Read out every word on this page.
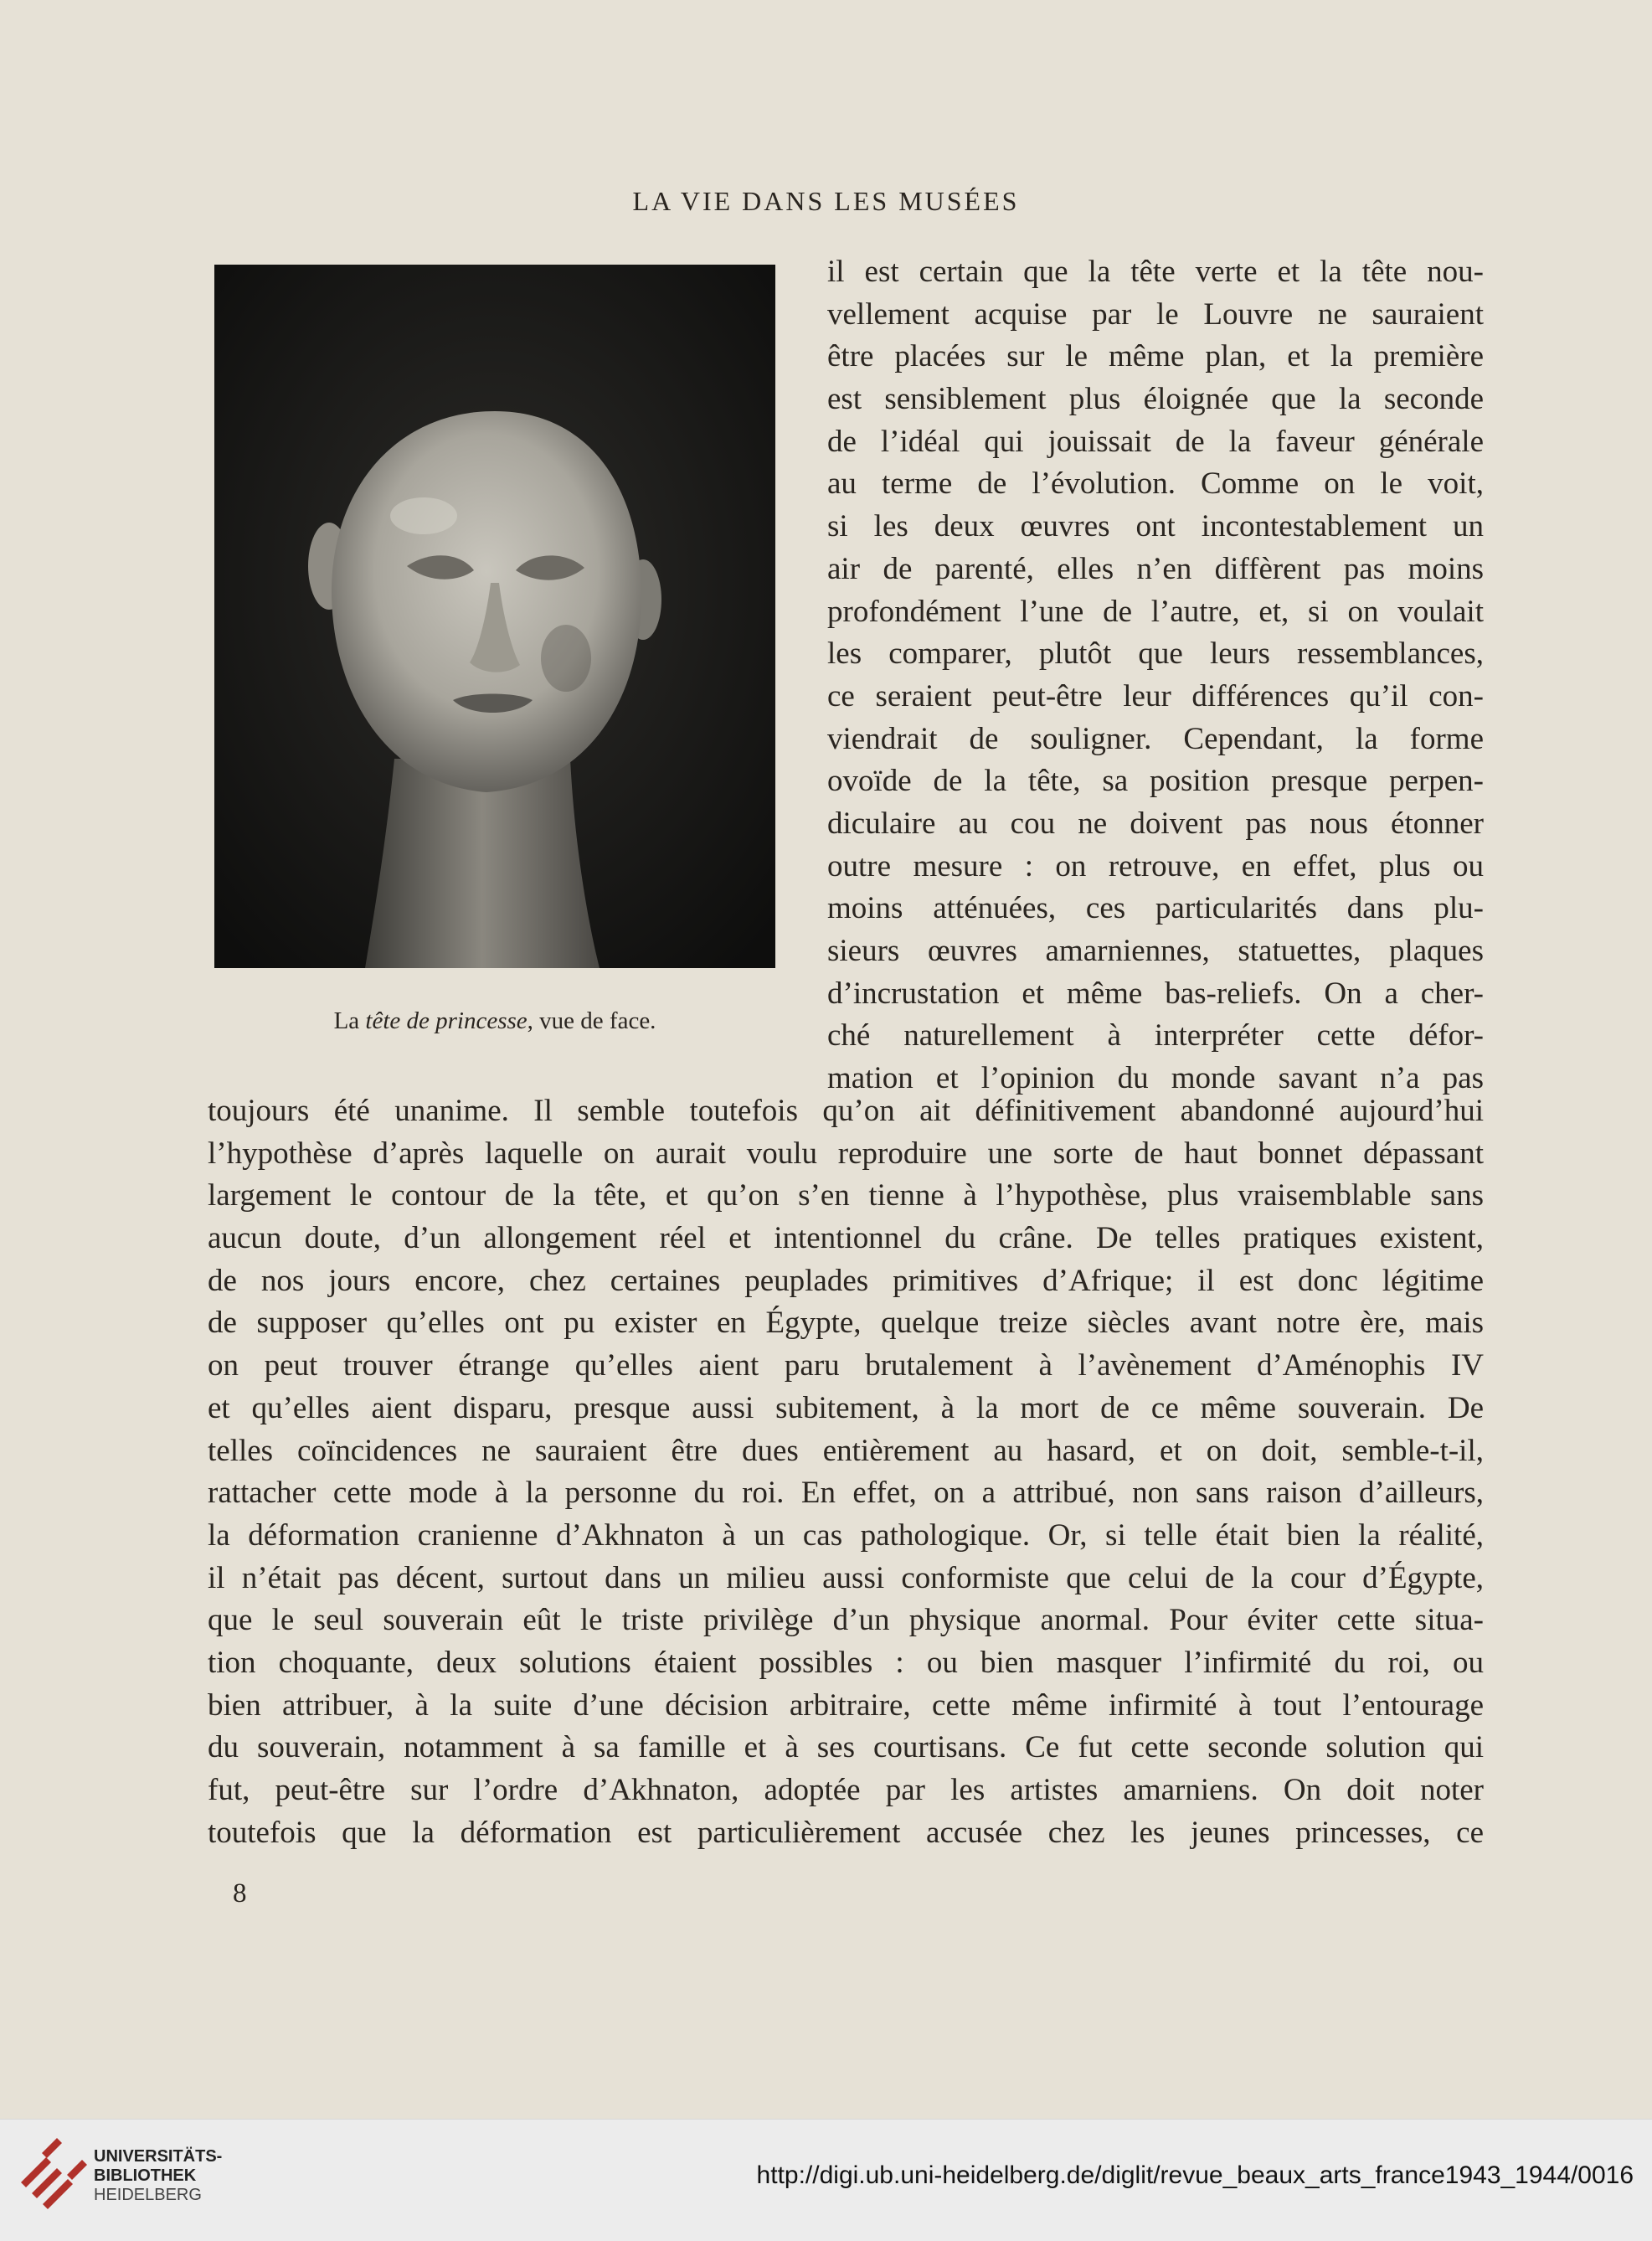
LA VIE DANS LES MUSÉES
La tête de princesse, vue de face.
il est certain que la tête verte et la tête nou-
vellement acquise par le Louvre ne sauraient
être placées sur le même plan, et la première
est sensiblement plus éloignée que la seconde
de l’idéal qui jouissait de la faveur générale
au terme de l’évolution. Comme on le voit,
si les deux œuvres ont incontestablement un
air de parenté, elles n’en diffèrent pas moins
profondément l’une de l’autre, et, si on voulait
les comparer, plutôt que leurs ressemblances,
ce seraient peut-être leur différences qu’il con-
viendrait de souligner. Cependant, la forme
ovoïde de la tête, sa position presque perpen-
diculaire au cou ne doivent pas nous étonner
outre mesure : on retrouve, en effet, plus ou
moins atténuées, ces particularités dans plu-
sieurs œuvres amarniennes, statuettes, plaques
d’incrustation et même bas-reliefs. On a cher-
ché naturellement à interpréter cette défor-
mation et l’opinion du monde savant n’a pas
toujours été unanime. Il semble toutefois qu’on ait définitivement abandonné aujourd’hui
l’hypothèse d’après laquelle on aurait voulu reproduire une sorte de haut bonnet dépassant
largement le contour de la tête, et qu’on s’en tienne à l’hypothèse, plus vraisemblable sans
aucun doute, d’un allongement réel et intentionnel du crâne. De telles pratiques existent,
de nos jours encore, chez certaines peuplades primitives d’Afrique; il est donc légitime
de supposer qu’elles ont pu exister en Égypte, quelque treize siècles avant notre ère, mais
on peut trouver étrange qu’elles aient paru brutalement à l’avènement d’Aménophis IV
et qu’elles aient disparu, presque aussi subitement, à la mort de ce même souverain. De
telles coïncidences ne sauraient être dues entièrement au hasard, et on doit, semble-t-il,
rattacher cette mode à la personne du roi. En effet, on a attribué, non sans raison d’ailleurs,
la déformation cranienne d’Akhnaton à un cas pathologique. Or, si telle était bien la réalité,
il n’était pas décent, surtout dans un milieu aussi conformiste que celui de la cour d’Égypte,
que le seul souverain eût le triste privilège d’un physique anormal. Pour éviter cette situa-
tion choquante, deux solutions étaient possibles : ou bien masquer l’infirmité du roi, ou
bien attribuer, à la suite d’une décision arbitraire, cette même infirmité à tout l’entourage
du souverain, notamment à sa famille et à ses courtisans. Ce fut cette seconde solution qui
fut, peut-être sur l’ordre d’Akhnaton, adoptée par les artistes amarniens. On doit noter
toutefois que la déformation est particulièrement accusée chez les jeunes princesses, ce
8
UNIVERSITÄTS-
BIBLIOTHEK
HEIDELBERG
http://digi.ub.uni-heidelberg.de/diglit/revue_beaux_arts_france1943_1944/0016
